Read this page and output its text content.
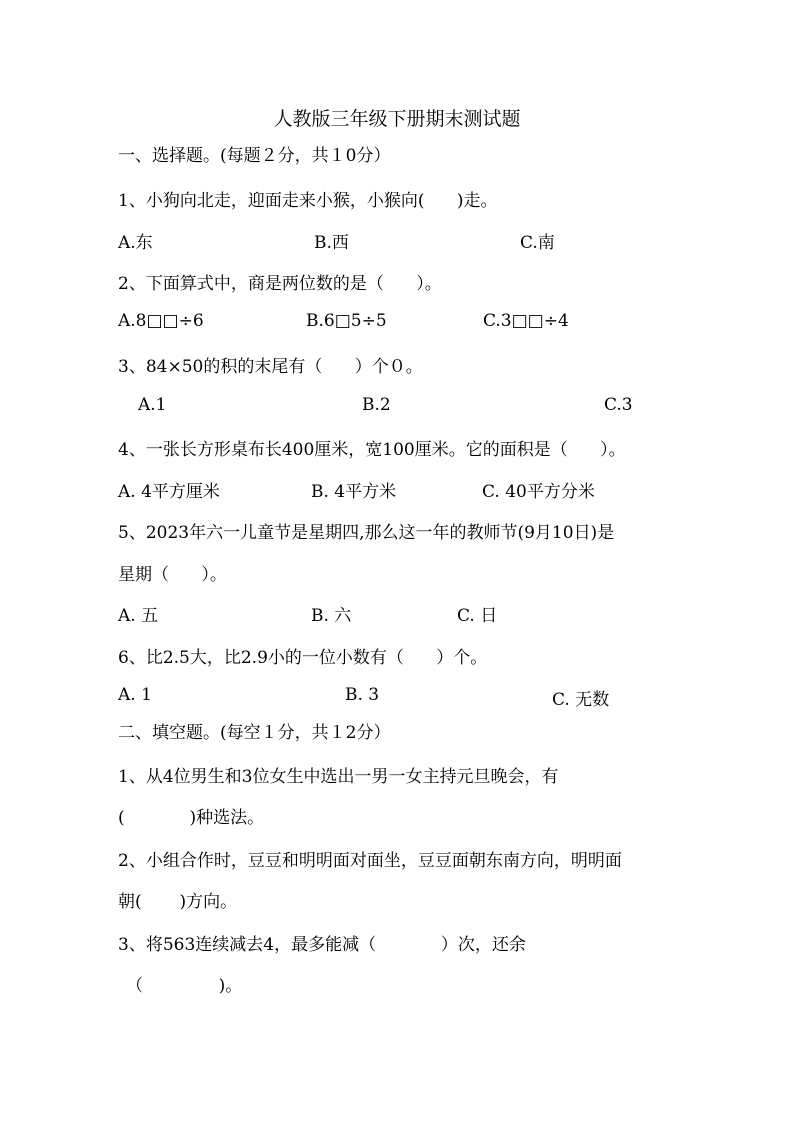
人教版三年级下册期末测试题
一、选择题。(每题２分，共１0分）
1、小狗向北走，迎面走来小猴，小猴向(      )走。
A.东	B.西	C.南
2、下面算式中，商是两位数的是（      ）。
A.8□□÷6	B.6□5÷5	C.3□□÷4
3、84×50的积的末尾有（      ）个０。
A.1	B.2	C.3
4、一张长方形桌布长400厘米，宽100厘米。它的面积是（      ）。
A. 4平方厘米	B. 4平方米	C. 40平方分米
5、2023年六一儿童节是星期四,那么这一年的教师节(9月10日)是
星期（      ）。
A. 五	B. 六	C. 日
6、比2.5大，比2.9小的一位小数有（      ）个。
A. 1	B. 3	C. 无数
二、填空题。(每空１分，共１2分）
1、从4位男生和3位女生中选出一男一女主持元旦晚会，有
(            )种选法。
2、小组合作时，豆豆和明明面对面坐，豆豆面朝东南方向，明明面
朝(       )方向。
3、将563连续减去4，最多能减（            ）次，还余
（              )。
